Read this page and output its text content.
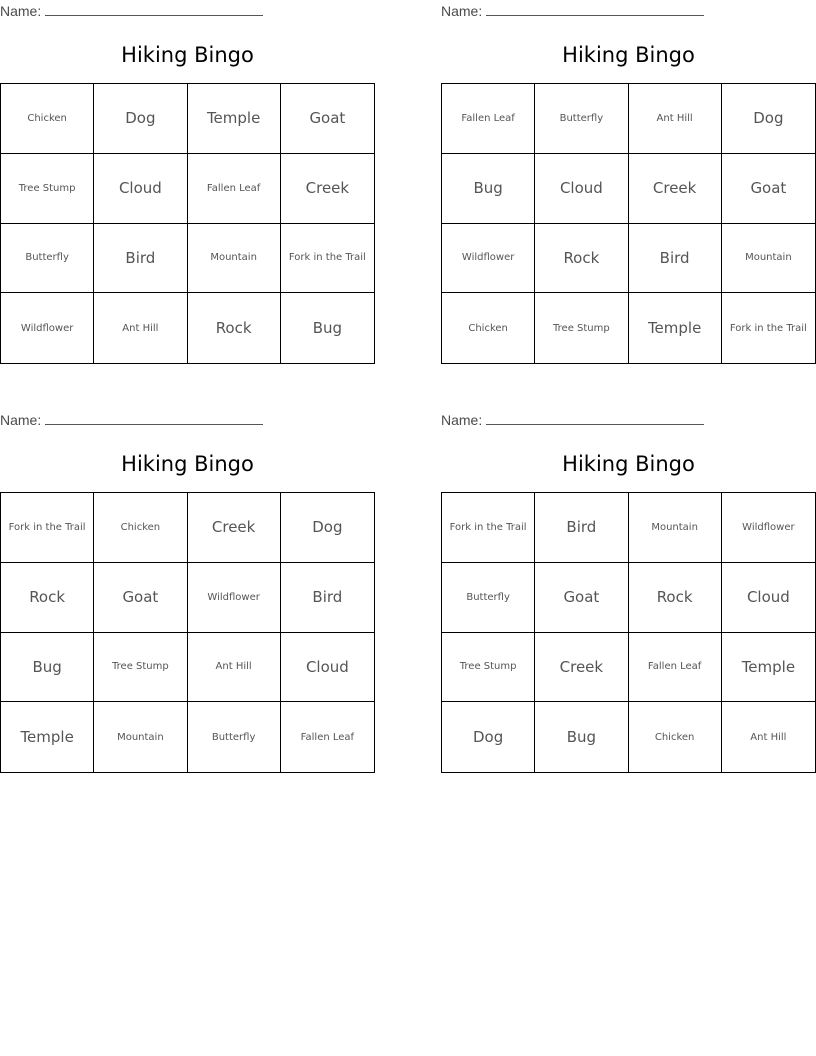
Name:
Hiking Bingo
Chicken	Dog	Temple	Goat
Tree Stump	Cloud	Fallen Leaf	Creek
Butterfly	Bird	Mountain	Fork in the Trail
Wildflower	Ant Hill	Rock	Bug
Name:
Hiking Bingo
Fallen Leaf	Butterfly	Ant Hill	Dog
Bug	Cloud	Creek	Goat
Wildflower	Rock	Bird	Mountain
Chicken	Tree Stump	Temple	Fork in the Trail
Name:
Hiking Bingo
Fork in the Trail	Chicken	Creek	Dog
Rock	Goat	Wildflower	Bird
Bug	Tree Stump	Ant Hill	Cloud
Temple	Mountain	Butterfly	Fallen Leaf
Name:
Hiking Bingo
Fork in the Trail	Bird	Mountain	Wildflower
Butterfly	Goat	Rock	Cloud
Tree Stump	Creek	Fallen Leaf	Temple
Dog	Bug	Chicken	Ant Hill
